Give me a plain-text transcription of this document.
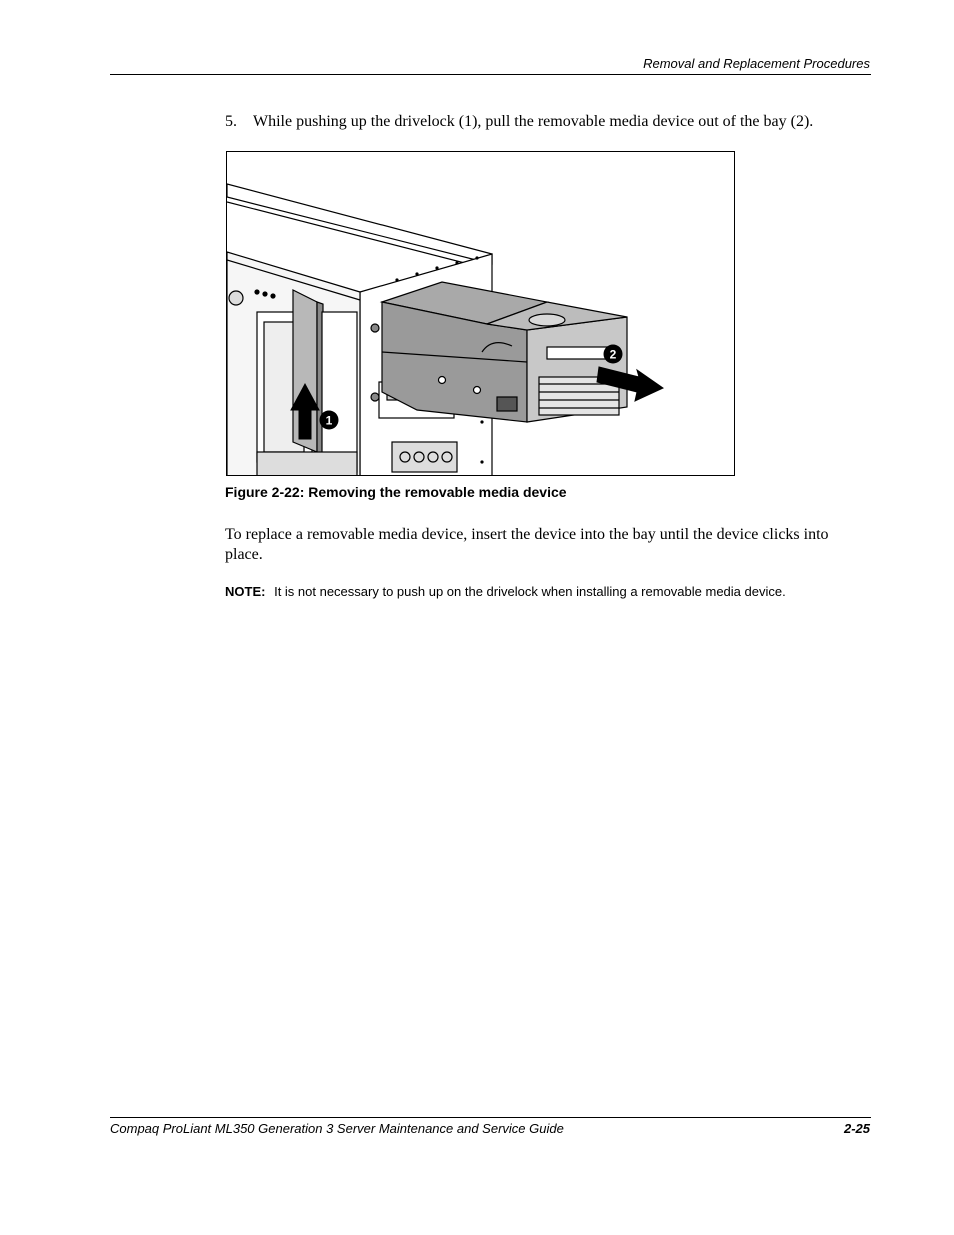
Removal and Replacement Procedures
5. While pushing up the drivelock (1), pull the removable media device out of the bay (2).
1
2
Figure 2-22: Removing the removable media device
To replace a removable media device, insert the device into the bay until the device clicks into place.
NOTE: It is not necessary to push up on the drivelock when installing a removable media device.
Compaq ProLiant ML350 Generation 3 Server Maintenance and Service Guide	2-25
